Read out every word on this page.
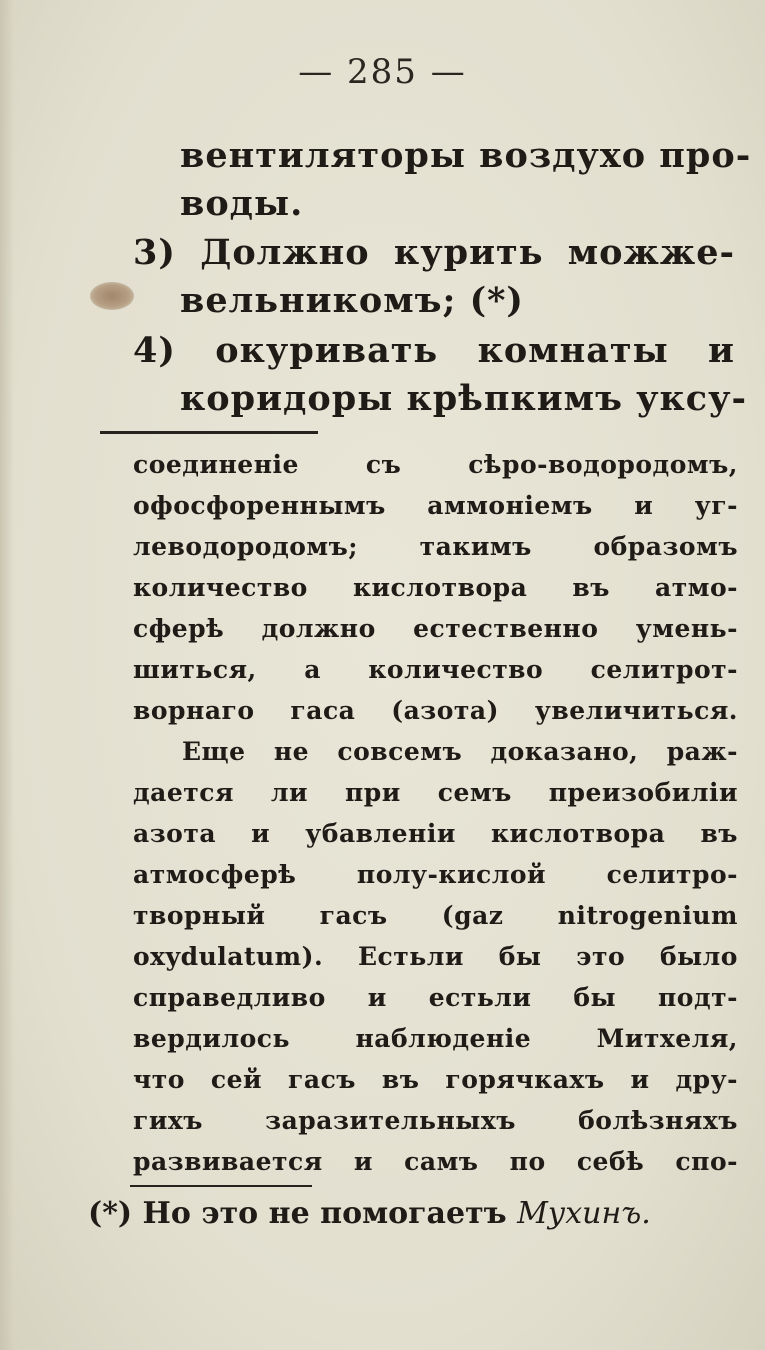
— 285 —
вентиляторы воздухо про-
воды.
3) Должно курить можже-
вельникомъ; (*)
4) окуривать комнаты и
коридоры крѣпкимъ уксу-
соединеніе съ сѣро-водородомъ,
офосфореннымъ аммоніемъ и уг-
леводородомъ; такимъ образомъ
количество кислотвора въ атмо-
сферѣ должно естественно умень-
шиться, а количество селитрот-
ворнаго гаса (азота) увеличиться.
Еще не совсемъ доказано, раж-
дается ли при семъ преизобиліи
азота и убавленіи кислотвора въ
атмосферѣ полу-кислой селитро-
творный гасъ (gaz nitrogenium
oxydulatum). Естьли бы это было
справедливо и естьли бы подт-
вердилось наблюденіе Митхеля,
что сей гасъ въ горячкахъ и дру-
гихъ заразительныхъ болѣзняхъ
развивается и самъ по себѣ спо-
(*) Но это не помогаетъ Мухинъ.
